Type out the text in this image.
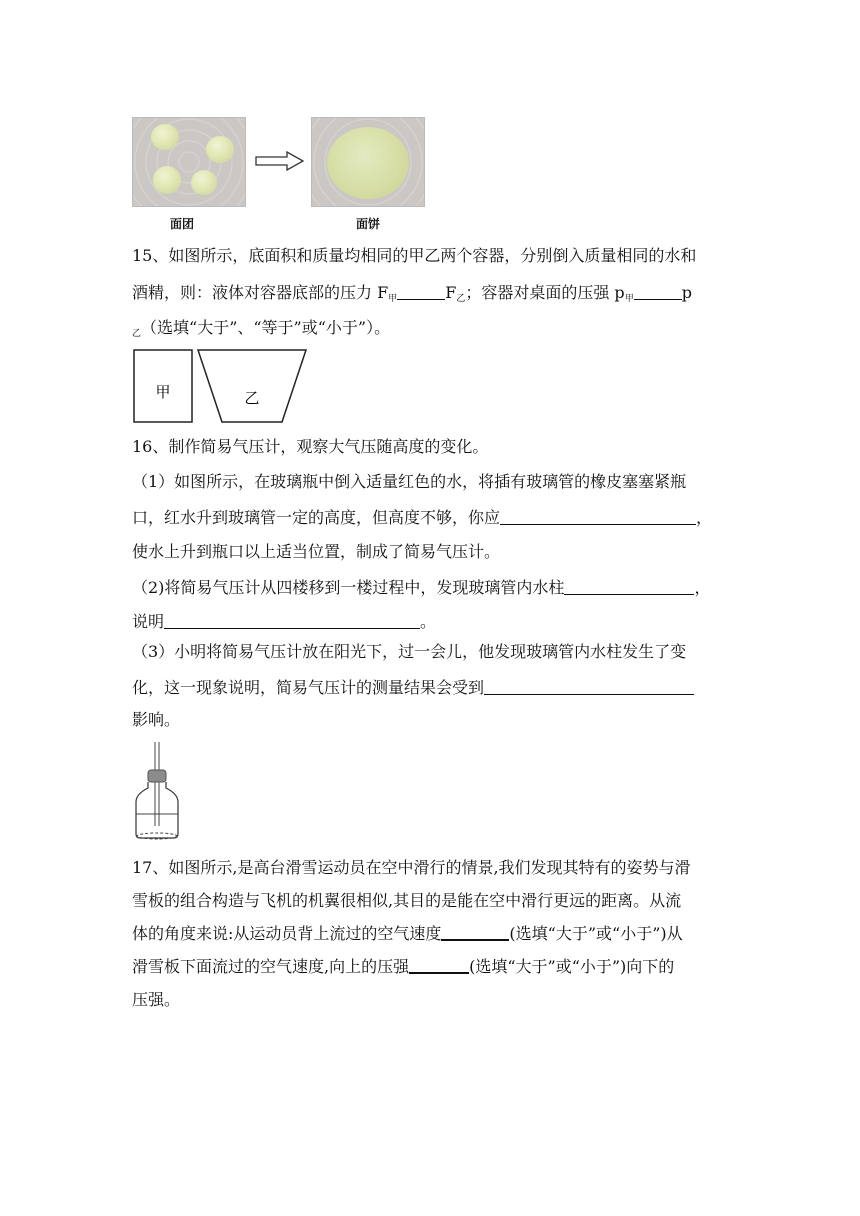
面团	面饼
15、如图所示，底面积和质量均相同的甲乙两个容器，分别倒入质量相同的水和
酒精，则：液体对容器底部的压力 $F_甲$	$F_乙$；容器对桌面的压强 $p_甲$	p
$_乙$（选填“大于”、“等于”或“小于”）。
甲	乙
16、制作简易气压计，观察大气压随高度的变化。
（1）如图所示，在玻璃瓶中倒入适量红色的水，将插有玻璃管的橡皮塞塞紧瓶
口，红水升到玻璃管一定的高度，但高度不够，你应	，
使水上升到瓶口以上适当位置，制成了简易气压计。
（2)将简易气压计从四楼移到一楼过程中，发现玻璃管内水柱	，
说明	。
（3）小明将简易气压计放在阳光下，过一会儿，他发现玻璃管内水柱发生了变
化，这一现象说明，简易气压计的测量结果会受到
影响。
17、如图所示,是高台滑雪运动员在空中滑行的情景,我们发现其特有的姿势与滑
雪板的组合构造与飞机的机翼很相似,其目的是能在空中滑行更远的距离。从流
体的角度来说:从运动员背上流过的空气速度	(选填“大于”或“小于”)从
滑雪板下面流过的空气速度,向上的压强	(选填“大于”或“小于”)向下的
压强。
